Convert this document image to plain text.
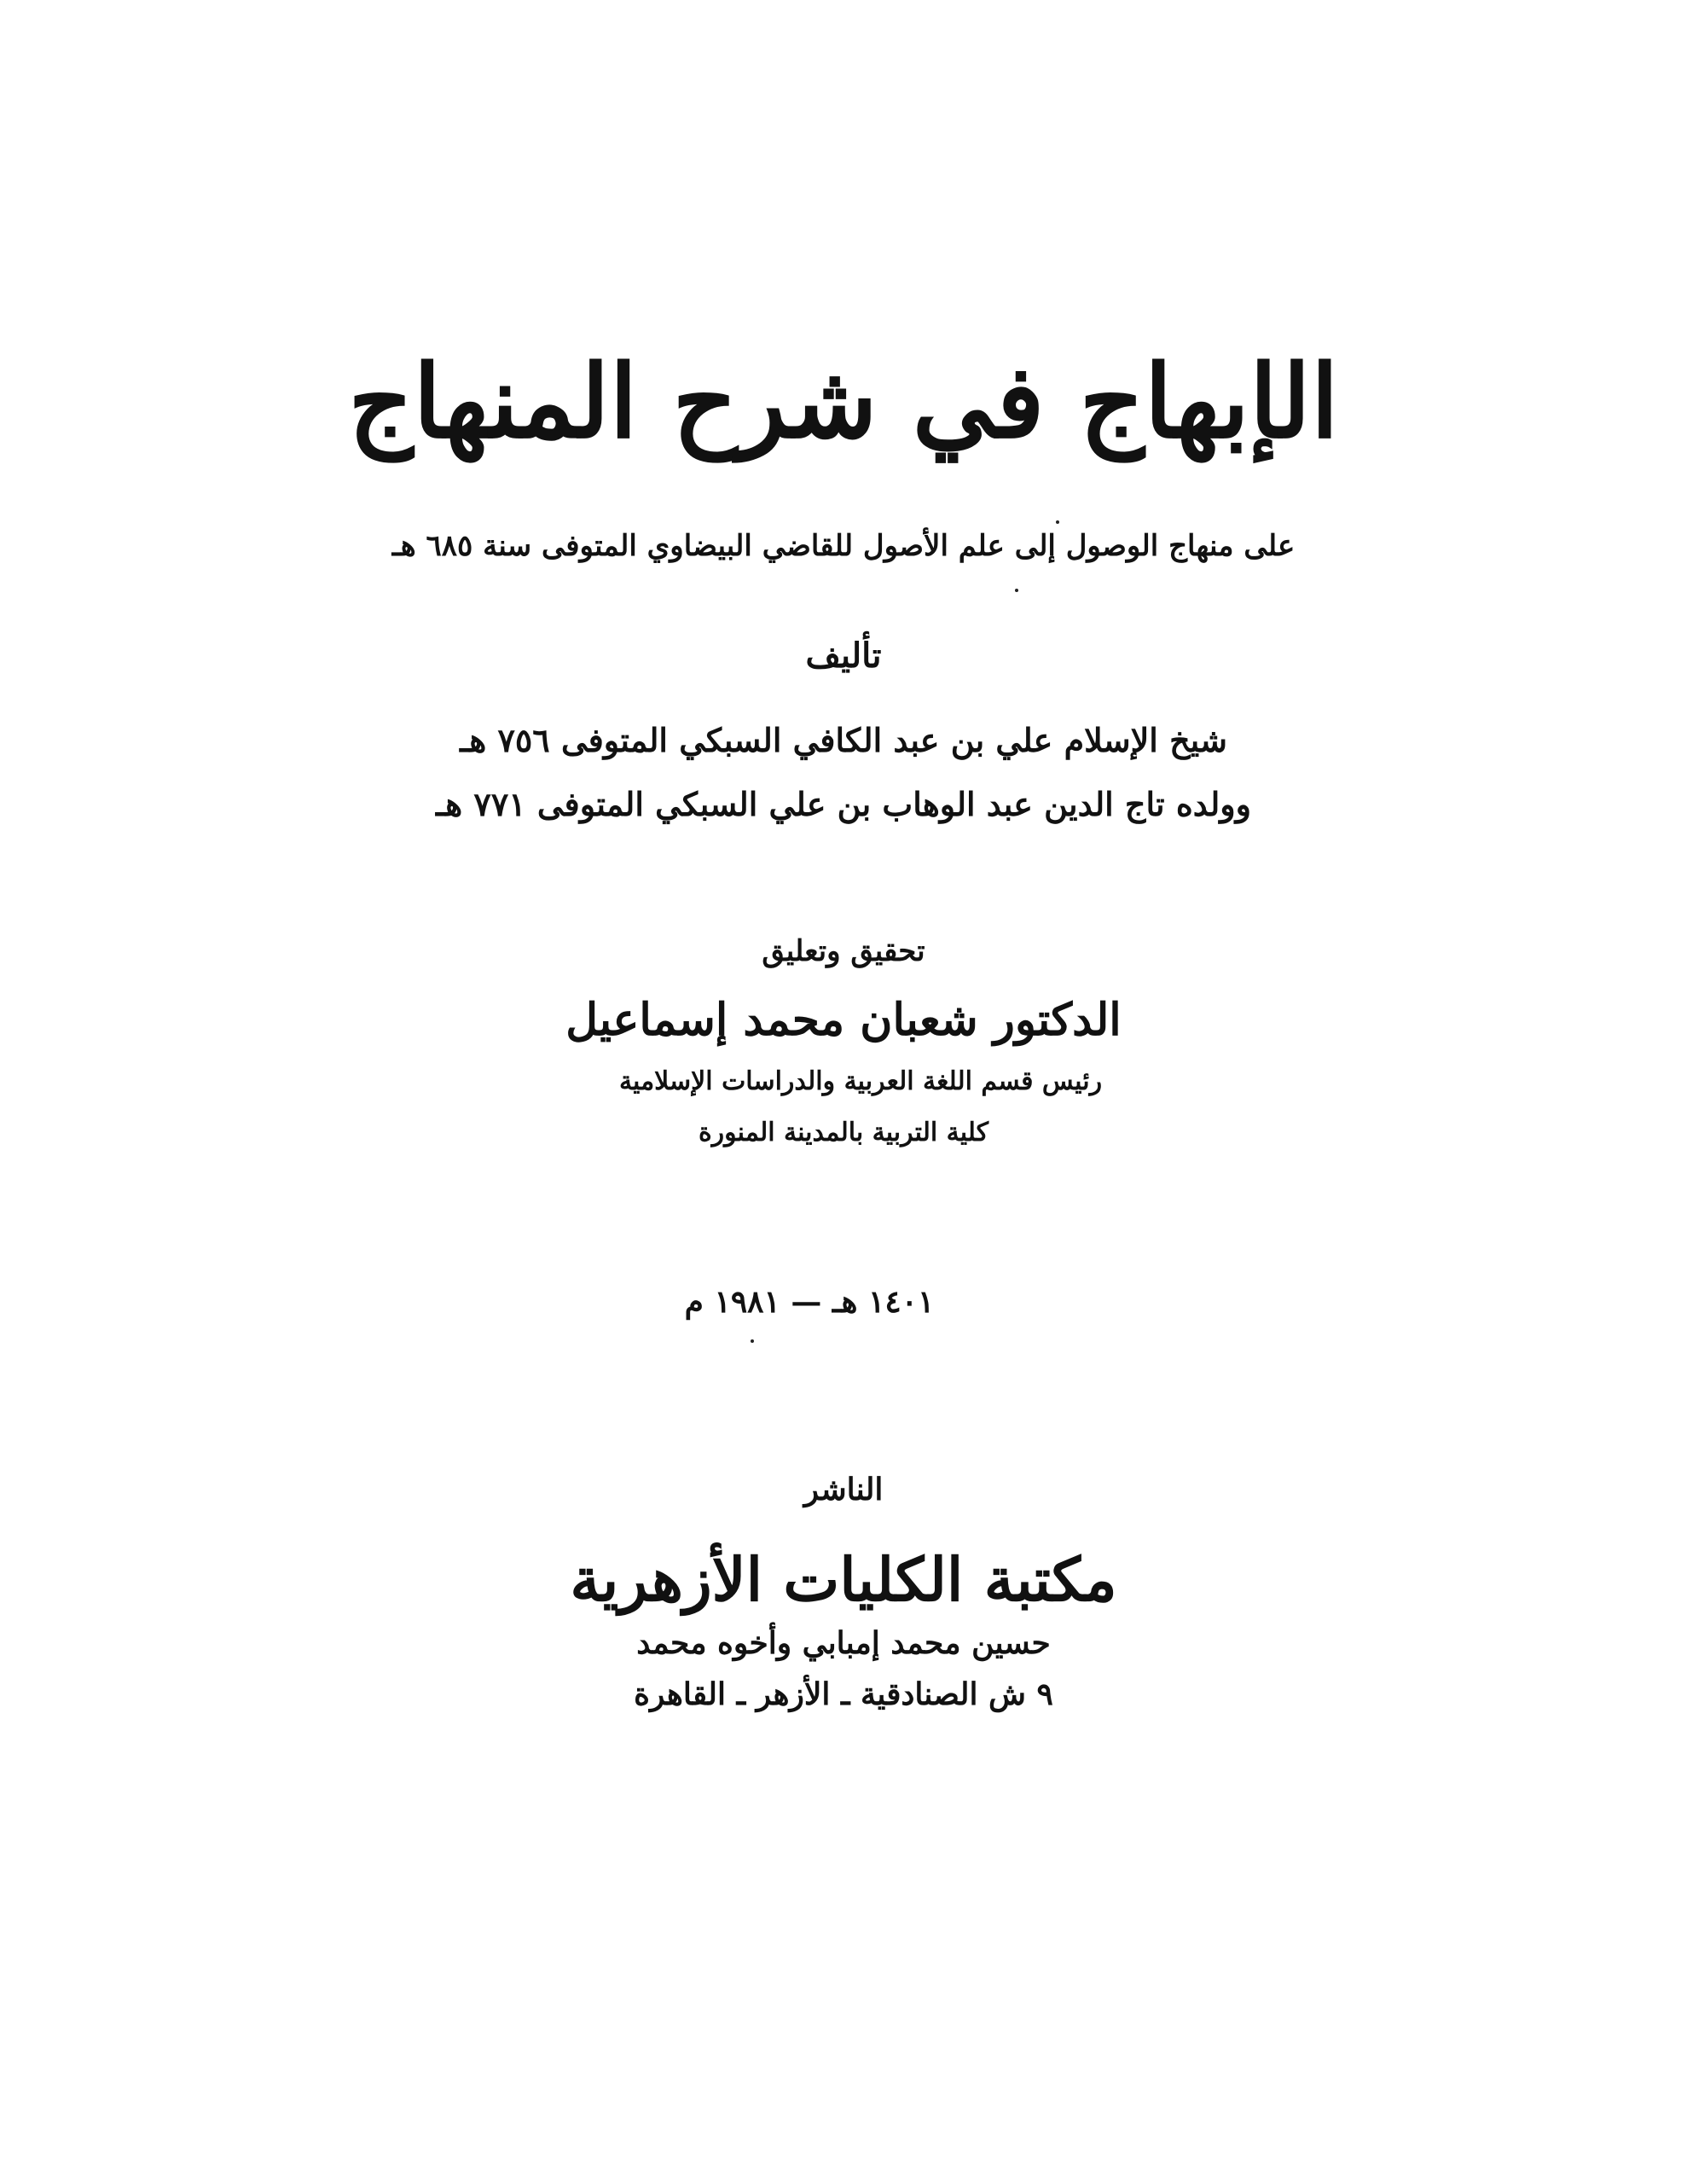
الإبهاج في شرح المنهاج
على منهاج الوصول إلى علم الأصول للقاضي البيضاوي المتوفى سنة ٦٨٥ هـ
تأليف
شيخ الإسلام علي بن عبد الكافي السبكي المتوفى ٧٥٦ هـ
وولده تاج الدين عبد الوهاب بن علي السبكي المتوفى ٧٧١ هـ
تحقيق وتعليق
الدكتور شعبان محمد إسماعيل
رئيس قسم اللغة العربية والدراسات الإسلامية
كلية التربية بالمدينة المنورة
١٤٠١ هـ — ١٩٨١ م
الناشر
مكتبة الكليات الأزهرية
حسين محمد إمبابي وأخوه محمد
٩ ش الصنادقية ـ الأزهر ـ القاهرة
